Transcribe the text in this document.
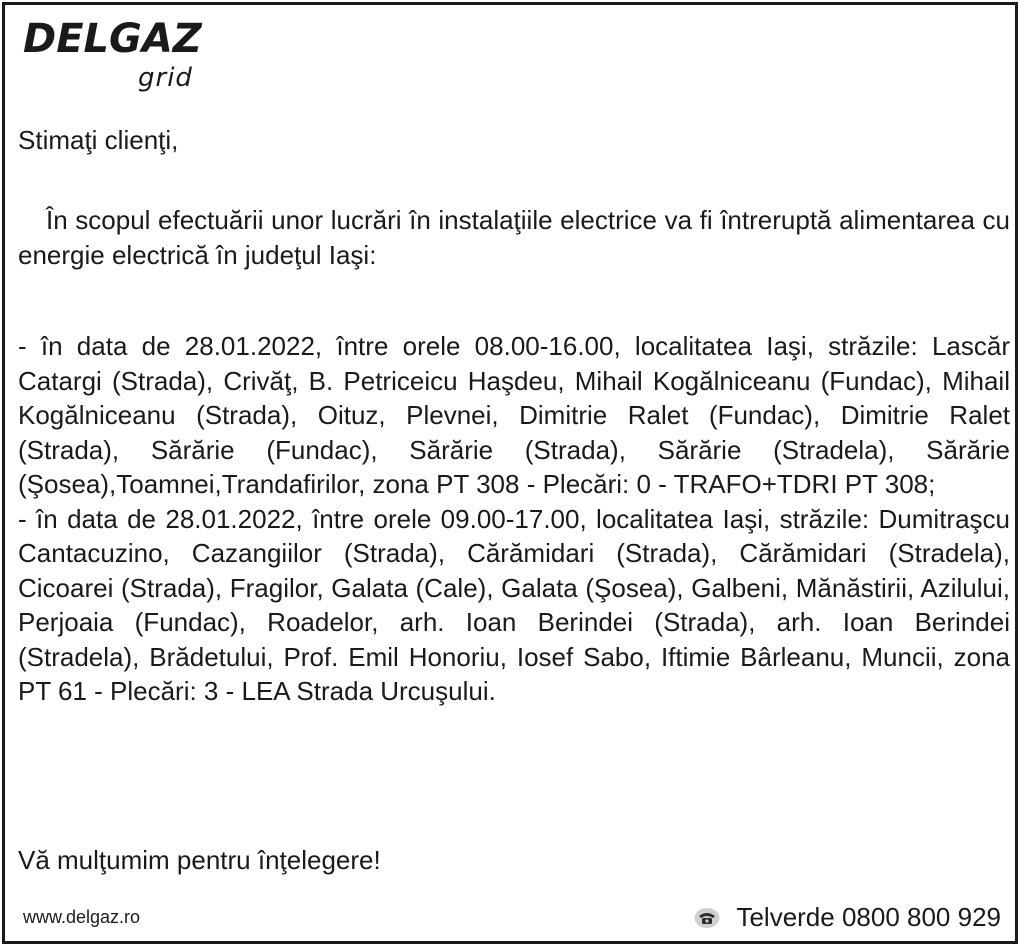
DELGAZ
grid

Stimaţi clienţi,

În scopul efectuării unor lucrări în instalaţiile electrice va fi întreruptă alimentarea cu energie electrică în judeţul Iaşi:

- în data de 28.01.2022, între orele 08.00-16.00, localitatea Iaşi, străzile: Lascăr Catargi (Strada), Crivăţ, B. Petriceicu Haşdeu, Mihail Kogălniceanu (Fundac), Mihail Kogălniceanu (Strada), Oituz, Plevnei, Dimitrie Ralet (Fundac), Dimitrie Ralet (Strada), Sărărie (Fundac), Sărărie (Strada), Sărărie (Stradela), Sărărie (Şosea),Toamnei,Trandafirilor, zona PT 308 - Plecări: 0 - TRAFO+TDRI PT 308;

- în data de 28.01.2022, între orele 09.00-17.00, localitatea Iaşi, străzile: Dumitraşcu Cantacuzino, Cazangiilor (Strada), Cărămidari (Strada), Cărămidari (Stradela), Cicoarei (Strada), Fragilor, Galata (Cale), Galata (Şosea), Galbeni, Mănăstirii, Azilului, Perjoaia (Fundac), Roadelor, arh. Ioan Berindei (Strada), arh. Ioan Berindei (Stradela), Brădetului, Prof. Emil Honoriu, Iosef Sabo, Iftimie Bârleanu, Muncii, zona PT 61 - Plecări: 3 - LEA Strada Urcuşului.

Vă mulţumim pentru înţelegere!

www.delgaz.ro	Telverde 0800 800 929
